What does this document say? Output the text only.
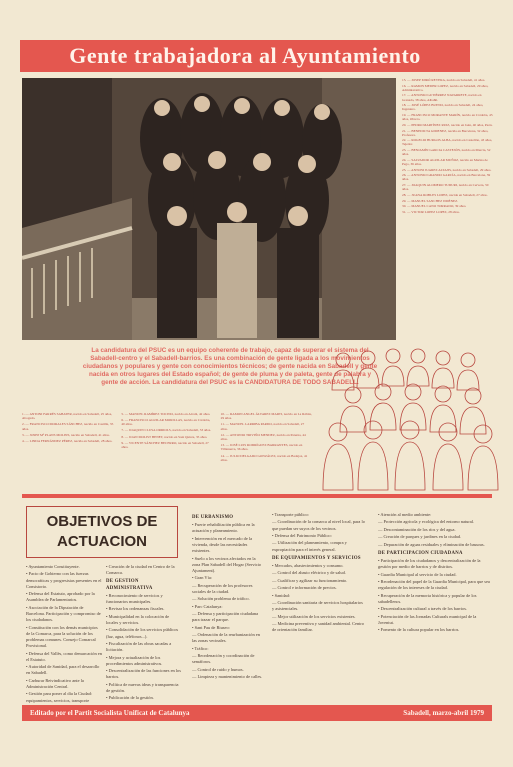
Gente trabajadora al Ayuntamiento

15. — JOSEP MIRÓ REVERA, nacido en Sabadell, 41 años.

16. — RAMON MEDER LOPEZ, nacido en Sabadell, 29 años, Administrativo.

17. — ANTONIO GUTIÉRREZ NAVARRETE, nacido en Granada, 38 años, Albañil.

18. — JOSÉ LÓPEZ BUENO, nacido en Sabadell, 24 años, Ingeniero.

19. — FRANCISCO MORANTE MARÍN, nacido en Córdoba, 45 años, Obrero.

20. — PEDRO MARTÍNEZ RUIZ, nacido en Jaén, 40 años, Peón.

21. — BENEDICTA GIMENEZ, nacida en Barcelona, 32 años, Profesora.

22. — ROGELIO BURGOS ALBA, nacido en Castellón, 43 años, Tejedor.

23. — BENJAMÍN GARCIA CASTEJÓN, nacido en Murcia, 52 años.

24. — SALVADOR AGUILAR MUÑOZ, nacido en Marina de Pego, 36 años.

25. — ANTONI JUAREZ ALTAJIS, nacido en Sabadell, 29 años.

26. — ANTONIO GRANDO GARCÍA, nacido en Barcelona, 39 años.

27. — JOAQUIN ALOMERO TUDURI, nacido en Cervera, 50 años.

28. — JUANA ROBLES LOPEZ, nacida en Sabadell, 27 años.

29. — MANUEL SANCHEZ JIMÉNEZ.

30. — MANUEL CANO TORRADO, 39 años.

31. — VICTOR LOPEZ LOPEZ, 28 años.

La candidatura del PSUC es un equipo coherente de trabajo, capaz de superar el sistema del Sabadell-centro y el Sabadell-barrios. Es una combinación de gente ligada a los movimientos ciudadanos y populares y gente con conocimientos técnicos; de gente nacida en Sabadell y gente nacida en otros lugares del Estado español; de gente de pluma y de paleta, gente de palabra y gente de acción. La candidatura del PSUC es la CANDIDATURA DE TODO SABADELL.

1. — ANTONI FARRÉS SABATER, nacido en Sabadell, 25 años, Abogado.

2. — FRANCISCO MORALES SÁNCHEZ, nacido en Castilla, 35 años.

3. — JOSEP Mª PLANS MOLINS, nacido en Sabadell, 41 años.

4. — LINDA FERNÁNDEZ PÉREZ, nacida en Sabadell, 28 años.

5. — MANUEL RAMÍREZ TOCINO, nacido en Alcalá, 42 años.

6. — FRANCISCO AGUILAR MORILLAS, nacido en Córdoba, 40 años.

7. — JOAQUIN CLUSA ORRIOLS, nacido en Sabadell, 33 años.

8. — JOAN MOLIST BENET, nacido en Sant Quirze, 35 años.

9. — VICENTE SÁNCHEZ BECERRO, nacido en Sabadell, 27 años.

10. — RAMON ANGEL ÁLVAREZ MARTI, nacido en La Rábita, 29 años.

11. — MANUEL LARRIBA PARDO, nacido en Sabadell, 27 años.

12. — ANTONIO TRIVIÑO MENDEZ, nacido en Paterna, 44 años.

13. — JOSÉ LUIS RODRÍGUEZ BARRANTES, nacido en Villanueva, 36 años.

14. — JULIO DELGADO GONZÁLEZ, nacido en Badajoz, 41 años.

OBJETIVOS DE ACTUACION

• Ayuntamiento Constituyente.

• Pacto de Gobierno con las fuerzas democráticas y progresistas presentes en el Consistorio.

• Defensa del Estatuto, aprobado por la Asamblea de Parlamentarios.

• Asociación de la Diputación de Barcelona. Participación y compromiso de los ciudadanos.

• Constitución con los demás municipios de la Comarca, para la solución de los problemas comunes. Consejo Comarcal Provisional.

• Defensa del Vallès, como demarcación en el Estatuto.

• Autoridad de Sanidad, para el desarrollo en Sabadell.

• Carburar Reivindicativo ante la Administración Central.

• Gestión para poner al día la Ciudad: equipamientos, servicios, transporte

• Creación de la ciudad en Centro de la Comarca.

DE GESTION ADMINISTRATIVA

• Reconocimiento de servicios y funcionarios municipales.

• Revisar los ordenanzas fiscales.

• Municipalidad en la colocación de locales y servicios.

• Consolidación de los servicios públicos (luz, agua, teléfonos...).

• Fiscalización de las obras sacadas a licitación.

• Mejora y actualización de los procedimientos administrativos.

• Descentralización de las funciones en los barrios.

• Política de nuevas ideas y transparencia de gestión.

• Publicación de la gestión.

DE URBANISMO

• Fuerte rehabilitación pública en la actuación y planeamiento.

• Intervención en el mercado de la vivienda, desde las necesidades existentes.

• Suelo a los vecinos afectados en la zona Plan Sabadell del Hogar (Servicio Ajuntament).

• Gran Vía:

— Recuperación de los profesores sociales de la ciudad.

— Solución problema de tráfico.

• Parc Catalunya:

— Defensa y participación ciudadana para trazar el parque.

• Sant Pau de Riuseo:

— Ordenación de la reurbanización en las zonas vecinales.

• Tráfico:

— Reordenación y coordinación de semáforos.

— Control de ruido y humos.

— Limpieza y mantenimiento de calles.

• Transporte público:

— Coordinación de la comarca al nivel local, para lo que puedan ser suyos de los vecinos.

• Defensa del Patrimonio Público:

— Utilización del planeamiento, compra y expropiación para el interés general.

DE EQUIPAMIENTOS Y SERVICIOS

• Mercados, abastecimientos y consumo.

— Control del abasto eléctrico y de salud.

— Cualificar y agilizar su funcionamiento.

— Control e información de precios.

• Sanidad:

— Coordinación sanitaria de servicios hospitalarios y asistenciales.

— Mejor utilización de los servicios existentes.

— Medicina preventiva y sanidad ambiental. Centro de orientación familiar.

• Atención al medio ambiente:

— Protección agrícola y ecológica del entorno natural.

— Descontaminación de los ríos y del agua.

— Creación de parques y jardines en la ciudad.

— Depuración de aguas residuales y eliminación de basuras.

DE PARTICIPACION CIUDADANA

• Participación de los ciudadanos y descentralización de la gestión por medio de barrios y de distritos.

• Guardia Municipal al servicio de la ciudad.

• Reordenación del papel de la Guardia Municipal, para que sea regulación de los intereses de la ciudad.

• Recuperación de la memoria histórica y popular de los sabadellencs.

• Descentralización cultural a través de los barrios.

• Potenciación de las Jornadas Culturals municipal de la Joventut.

• Fomento de la cultura popular en los barrios.

Editado por el Partit Socialista Unificat de Catalunya	Sabadell, marzo-abril 1979
